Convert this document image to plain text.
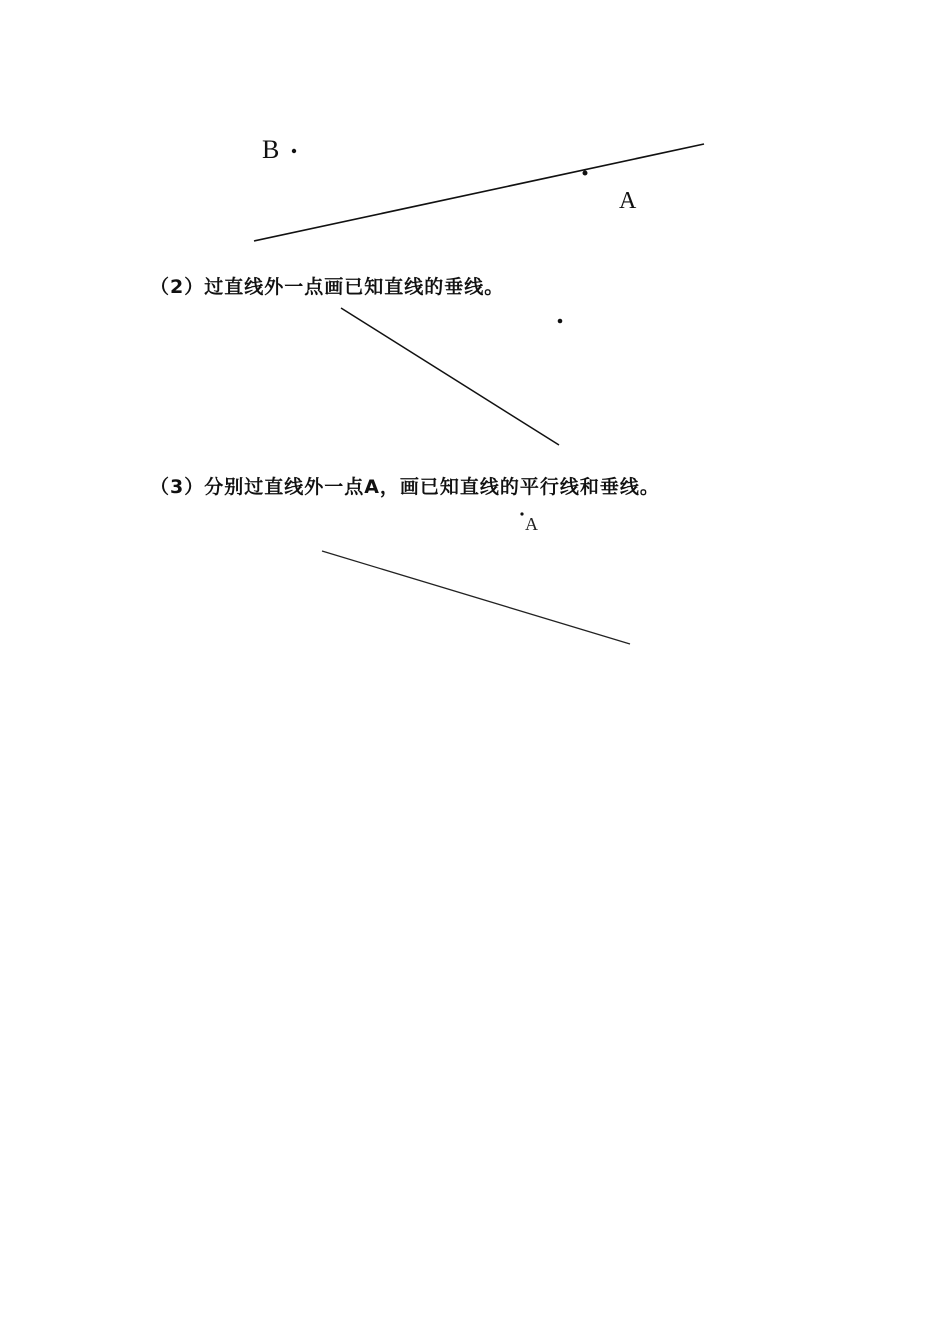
B
A
A
（2）过直线外一点画已知直线的垂线。
（3）分别过直线外一点A，画已知直线的平行线和垂线。
